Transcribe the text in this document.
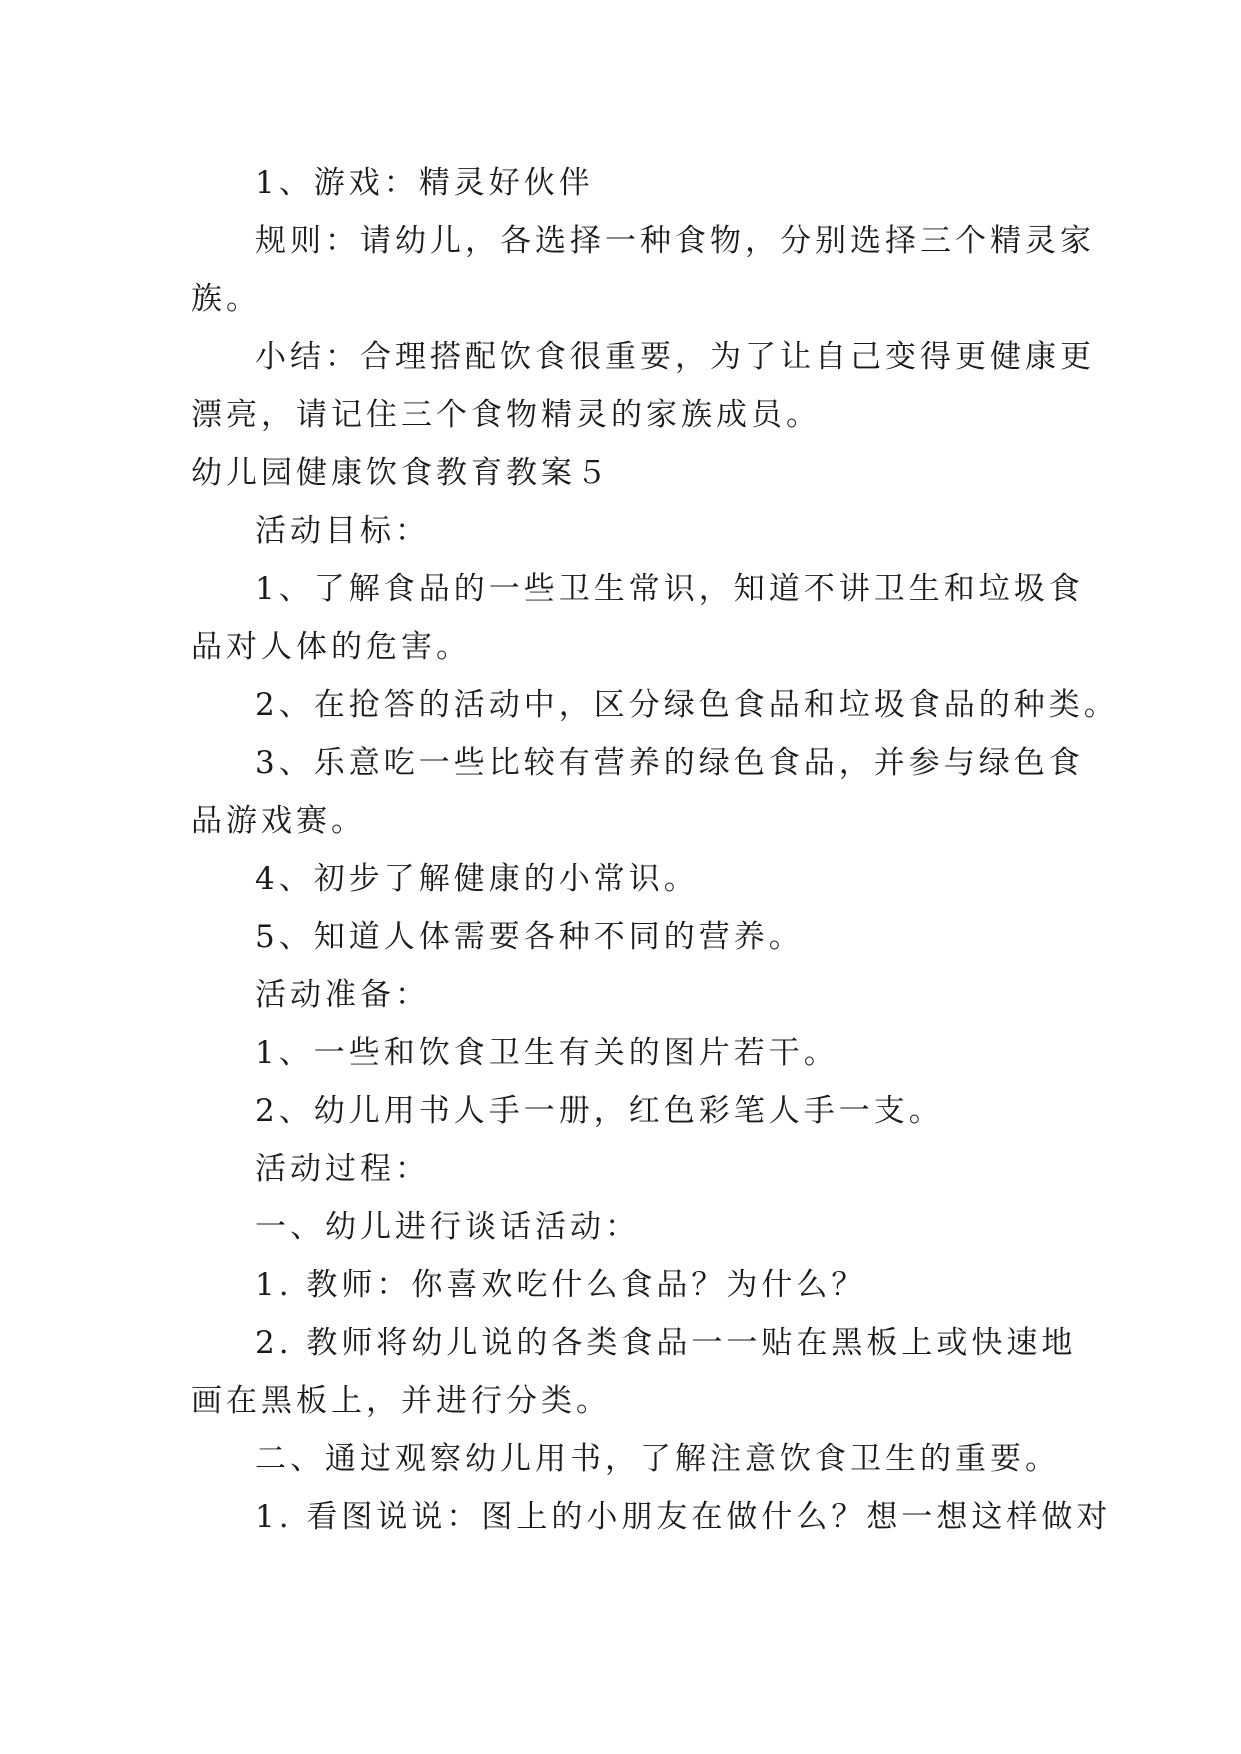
1、游戏：精灵好伙伴
规则：请幼儿，各选择一种食物，分别选择三个精灵家
族。
小结：合理搭配饮食很重要，为了让自己变得更健康更
漂亮，请记住三个食物精灵的家族成员。
幼儿园健康饮食教育教案５
活动目标：
1、了解食品的一些卫生常识，知道不讲卫生和垃圾食
品对人体的危害。
2、在抢答的活动中，区分绿色食品和垃圾食品的种类。
3、乐意吃一些比较有营养的绿色食品，并参与绿色食
品游戏赛。
4、初步了解健康的小常识。
5、知道人体需要各种不同的营养。
活动准备：
1、一些和饮食卫生有关的图片若干。
2、幼儿用书人手一册，红色彩笔人手一支。
活动过程：
一、幼儿进行谈话活动：
1. 教师：你喜欢吃什么食品？为什么？
2. 教师将幼儿说的各类食品一一贴在黑板上或快速地
画在黑板上，并进行分类。
二、通过观察幼儿用书，了解注意饮食卫生的重要。
1. 看图说说：图上的小朋友在做什么？想一想这样做对
